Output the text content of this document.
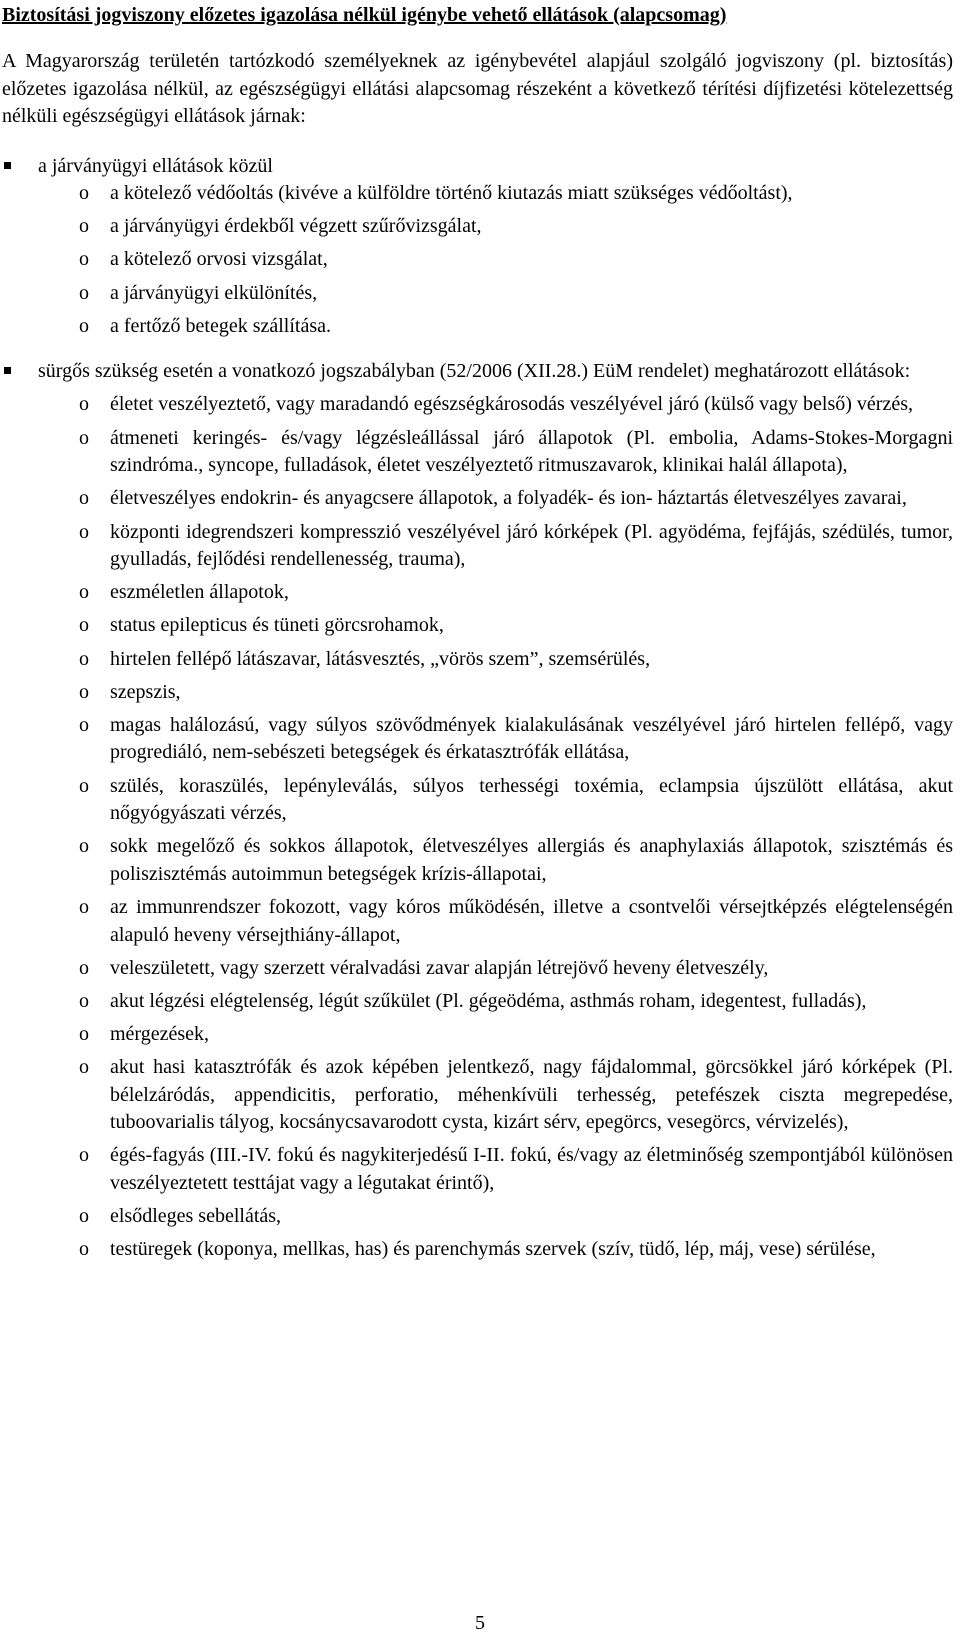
Biztosítási jogviszony előzetes igazolása nélkül igénybe vehető ellátások (alapcsomag)
A Magyarország területén tartózkodó személyeknek az igénybevétel alapjául szolgáló jogviszony (pl. biztosítás) előzetes igazolása nélkül, az egészségügyi ellátási alapcsomag részeként a következő térítési díjfizetési kötelezettség nélküli egészségügyi ellátások járnak:
a járványügyi ellátások közül
o a kötelező védőoltás (kivéve a külföldre történő kiutazás miatt szükséges védőoltást),
o a járványügyi érdekből végzett szűrővizsgálat,
o a kötelező orvosi vizsgálat,
o a járványügyi elkülönítés,
o a fertőző betegek szállítása.
sürgős szükség esetén a vonatkozó jogszabályban (52/2006 (XII.28.) EüM rendelet) meghatározott ellátások:
o életet veszélyeztető, vagy maradandó egészségkárosodás veszélyével járó (külső vagy belső) vérzés,
o átmeneti keringés- és/vagy légzésleállással járó állapotok (Pl. embolia, Adams-Stokes-Morgagni szindróma., syncope, fulladások, életet veszélyeztető ritmuszavarok, klinikai halál állapota),
o életveszélyes endokrin- és anyagcsere állapotok, a folyadék- és ion- háztartás életveszélyes zavarai,
o központi idegrendszeri kompresszió veszélyével járó kórképek (Pl. agyödéma, fejfájás, szédülés, tumor, gyulladás, fejlődési rendellenesség, trauma),
o eszméletlen állapotok,
o status epilepticus és tüneti görcsrohamok,
o hirtelen fellépő látászavar, látásvesztés, „vörös szem”, szemsérülés,
o szepszis,
o magas halálozású, vagy súlyos szövődmények kialakulásának veszélyével járó hirtelen fellépő, vagy progrediáló, nem-sebészeti betegségek és érkatasztrófák ellátása,
o szülés, koraszülés, lepényleválás, súlyos terhességi toxémia, eclampsia újszülött ellátása, akut nőgyógyászati vérzés,
o sokk megelőző és sokkos állapotok, életveszélyes allergiás és anaphylaxiás állapotok, szisztémás és poliszisztémás autoimmun betegségek krízis-állapotai,
o az immunrendszer fokozott, vagy kóros működésén, illetve a csontvelői vérsejtképzés elégtelenségén alapuló heveny vérsejthiány-állapot,
o veleszületett, vagy szerzett véralvadási zavar alapján létrejövő heveny életveszély,
o akut légzési elégtelenség, légút szűkület (Pl. gégeödéma, asthmás roham, idegentest, fulladás),
o mérgezések,
o akut hasi katasztrófák és azok képében jelentkező, nagy fájdalommal, görcsökkel járó kórképek (Pl. bélelzáródás, appendicitis, perforatio, méhenkívüli terhesség, petefészek ciszta megrepedése, tuboovarialis tályog, kocsánycsavarodott cysta, kizárt sérv, epegörcs, vesegörcs, vérvizelés),
o égés-fagyás (III.-IV. fokú és nagykiterjedésű I-II. fokú, és/vagy az életminőség szempontjából különösen veszélyeztetett testtájat vagy a légutakat érintő),
o elsődleges sebellátás,
o testüregek (koponya, mellkas, has) és parenchymás szervek (szív, tüdő, lép, máj, vese) sérülése,
5
